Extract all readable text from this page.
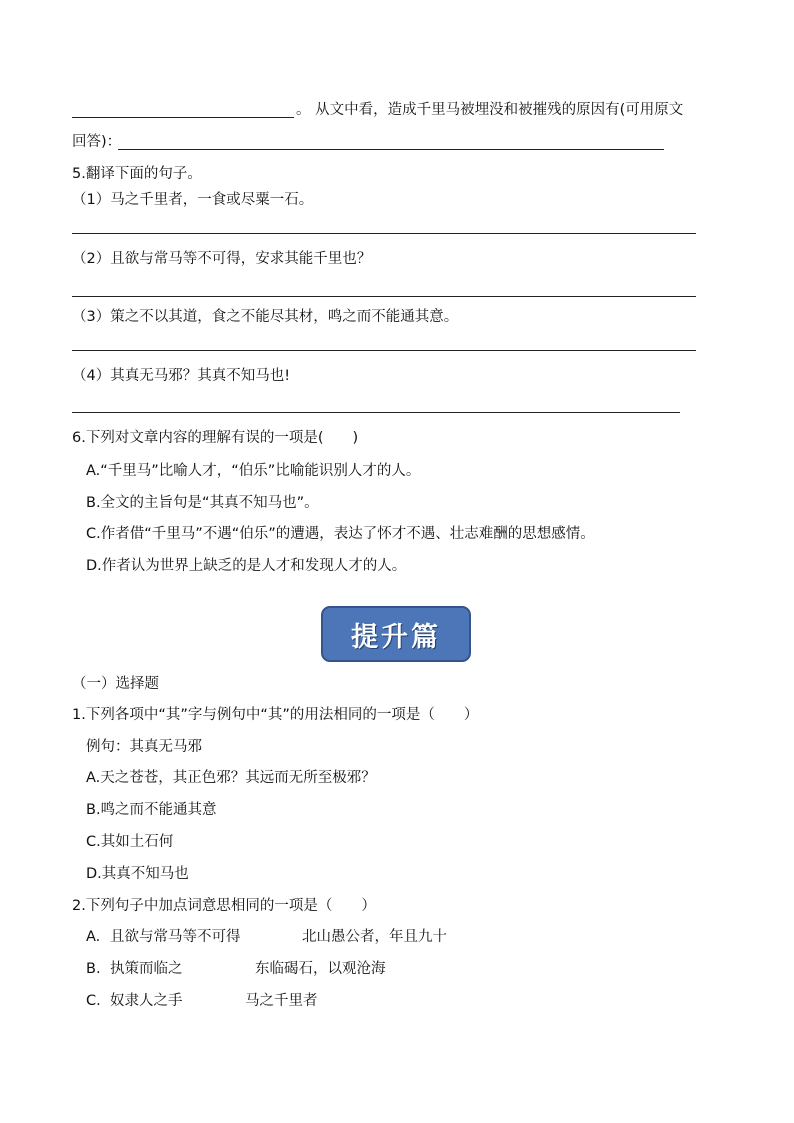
。 从文中看，造成千里马被埋没和被摧残的原因有(可用原文
回答)：
5.翻译下面的句子。
（1）马之千里者，一食或尽粟一石。
（2）且欲与常马等不可得，安求其能千里也？
（3）策之不以其道，食之不能尽其材，鸣之而不能通其意。
（4）其真无马邪？其真不知马也!
6.下列对文章内容的理解有误的一项是(　　)
A.“千里马”比喻人才，“伯乐”比喻能识别人才的人。
B.全文的主旨句是“其真不知马也”。
C.作者借“千里马”不遇“伯乐”的遭遇，表达了怀才不遇、壮志难酬的思想感情。
D.作者认为世界上缺乏的是人才和发现人才的人。
提升篇
（一）选择题
1.下列各项中“其”字与例句中“其”的用法相同的一项是（　　）
例句：其真无马邪
A.天之苍苍，其正色邪？其远而无所至极邪？
B.鸣之而不能通其意
C.其如土石何
D.其真不知马也
2.下列句子中加点词意思相同的一项是（　　）
A. 且欲与常马等不可得	北山愚公者，年且九十
B. 执策而临之	东临碣石，以观沧海
C. 奴隶人之手	马之千里者
